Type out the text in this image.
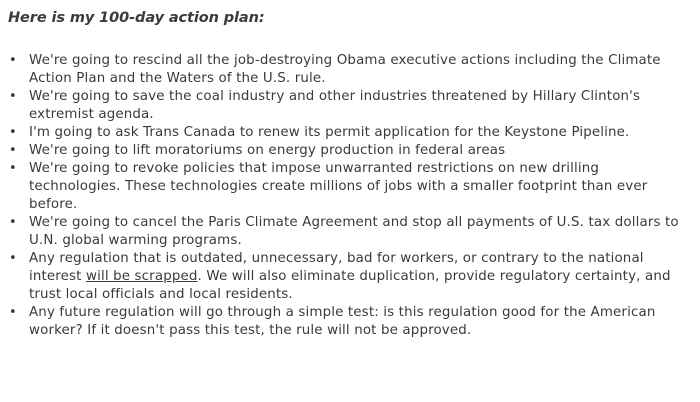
Here is my 100-day action plan:

• We're going to rescind all the job-destroying Obama executive actions including the Climate Action Plan and the Waters of the U.S. rule.
• We're going to save the coal industry and other industries threatened by Hillary Clinton's extremist agenda.
• I'm going to ask Trans Canada to renew its permit application for the Keystone Pipeline.
• We're going to lift moratoriums on energy production in federal areas
• We're going to revoke policies that impose unwarranted restrictions on new drilling technologies. These technologies create millions of jobs with a smaller footprint than ever before.
• We're going to cancel the Paris Climate Agreement and stop all payments of U.S. tax dollars to U.N. global warming programs.
• Any regulation that is outdated, unnecessary, bad for workers, or contrary to the national interest will be scrapped. We will also eliminate duplication, provide regulatory certainty, and trust local officials and local residents.
• Any future regulation will go through a simple test: is this regulation good for the American worker? If it doesn't pass this test, the rule will not be approved.
